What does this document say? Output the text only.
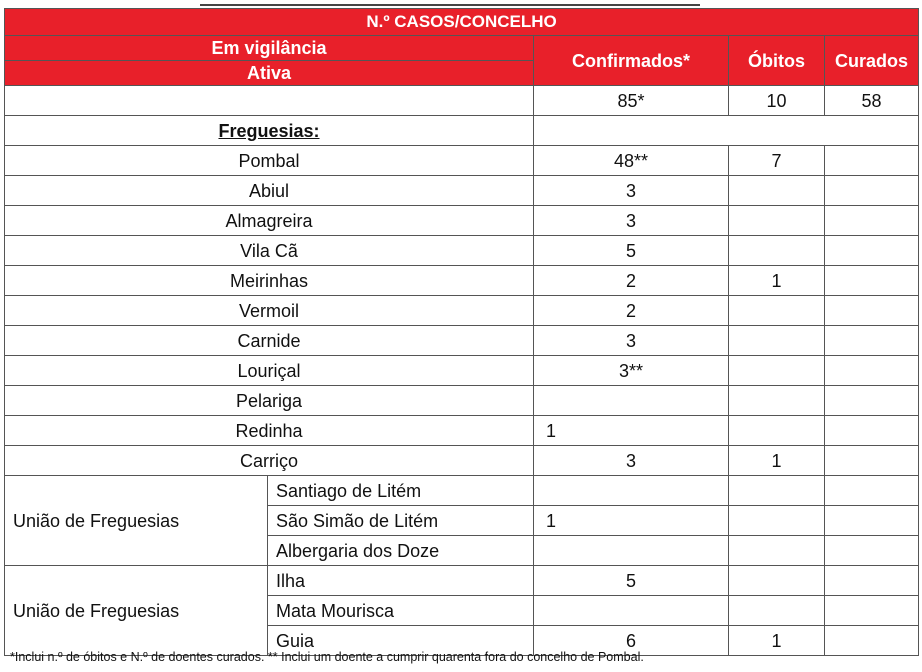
N.º CASOS/CONCELHO				
Em vigilância		Confirmados*	Óbitos	Curados
Ativa				
		85*	10	58
Freguesias:				
Pombal		48**	7	
Abiul		3		
Almagreira		3		
Vila Cã		5		
Meirinhas		2	1	
Vermoil		2		
Carnide		3		
Louriçal		3**		
Pelariga				
Redinha		1		
Carriço		3	1	
União de Freguesias	Santiago de Litém			
	São Simão de Litém	1		
	Albergaria dos Doze			
União de Freguesias	Ilha	5		
	Mata Mourisca			
	Guia	6	1	
*Inclui n.º de óbitos e N.º de doentes curados. ** Inclui um doente a cumprir quarenta fora do concelho de Pombal.
